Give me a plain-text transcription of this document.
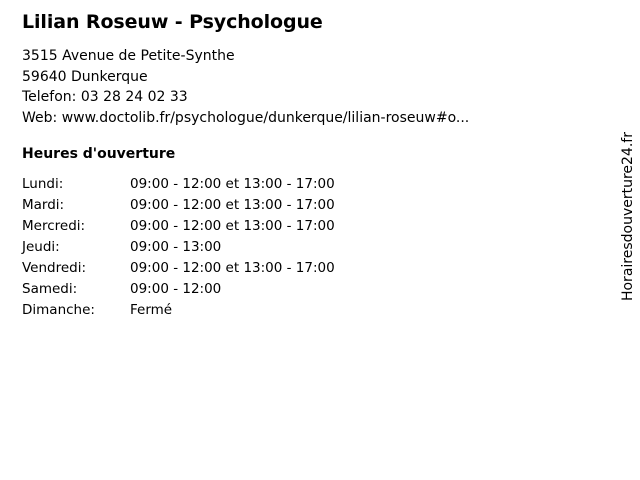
Lilian Roseuw - Psychologue
3515 Avenue de Petite-Synthe
59640 Dunkerque
Telefon: 03 28 24 02 33
Web: www.doctolib.fr/psychologue/dunkerque/lilian-roseuw#o...
Heures d'ouverture
Lundi:	09:00 - 12:00 et 13:00 - 17:00
Mardi:	09:00 - 12:00 et 13:00 - 17:00
Mercredi:	09:00 - 12:00 et 13:00 - 17:00
Jeudi:	09:00 - 13:00
Vendredi:	09:00 - 12:00 et 13:00 - 17:00
Samedi:	09:00 - 12:00
Dimanche:	Fermé
Horairesdouverture24.fr
